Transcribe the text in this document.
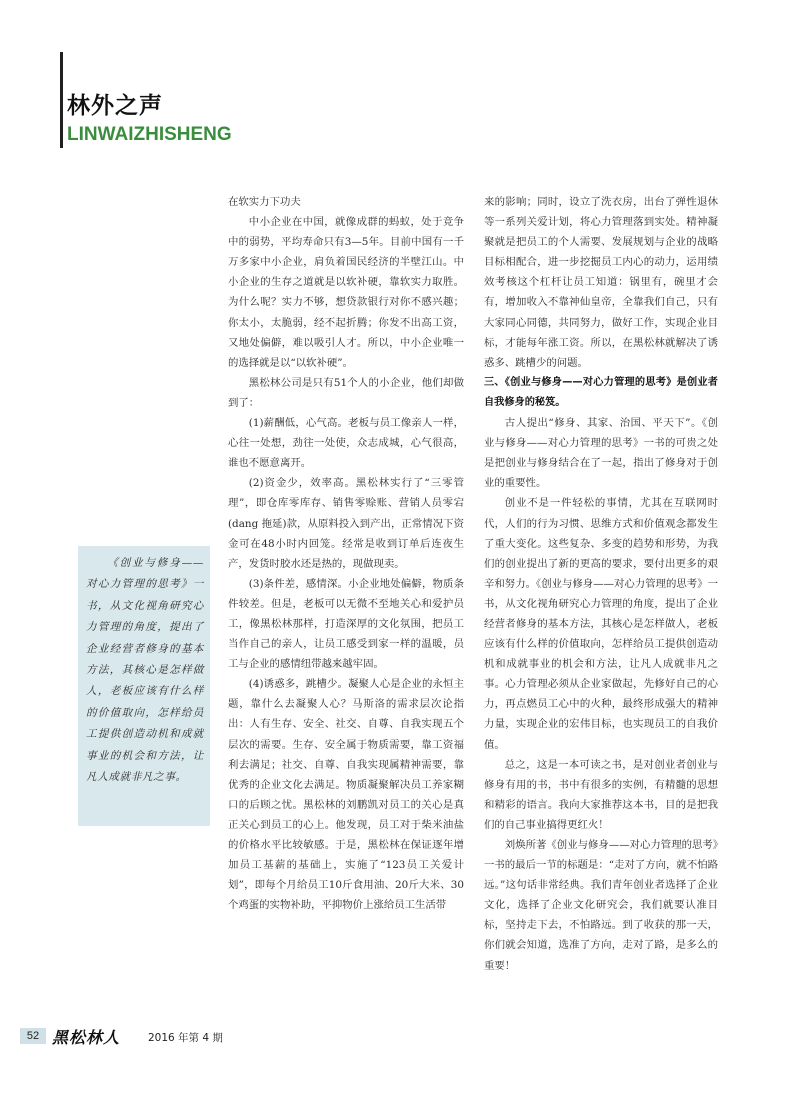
林外之声
LINWAIZHISHENG

《创业与修身——对心力管理的思考》一书，从文化视角研究心力管理的角度，提出了企业经营者修身的基本方法，其核心是怎样做人，老板应该有什么样的价值取向，怎样给员工提供创造动机和成就事业的机会和方法，让凡人成就非凡之事。

在软实力下功夫

中小企业在中国，就像成群的蚂蚁，处于竞争中的弱势，平均寿命只有3—5年。目前中国有一千万多家中小企业，肩负着国民经济的半壁江山。中小企业的生存之道就是以软补硬，靠软实力取胜。为什么呢？实力不够，想贷款银行对你不感兴趣；你太小，太脆弱，经不起折腾；你发不出高工资，又地处偏僻，难以吸引人才。所以，中小企业唯一的选择就是以“以软补硬”。

黑松林公司是只有51个人的小企业，他们却做到了：

(1)薪酬低，心气高。老板与员工像亲人一样，心往一处想，劲往一处使，众志成城，心气很高，谁也不愿意离开。

(2)资金少，效率高。黑松林实行了“三零管理”，即仓库零库存、销售零赊账、营销人员零宕(dang 拖延)款，从原料投入到产出，正常情况下资金可在48小时内回笼。经常是收到订单后连夜生产，发货时胶水还是热的，现做现卖。

(3)条件差，感情深。小企业地处偏僻，物质条件较差。但是，老板可以无微不至地关心和爱护员工，像黑松林那样，打造深厚的文化氛围，把员工当作自己的亲人，让员工感受到家一样的温暖，员工与企业的感情纽带越来越牢固。

(4)诱惑多，跳槽少。凝聚人心是企业的永恒主题，靠什么去凝聚人心？马斯洛的需求层次论指出：人有生存、安全、社交、自尊、自我实现五个层次的需要。生存、安全属于物质需要，靠工资福利去满足；社交、自尊、自我实现属精神需要，靠优秀的企业文化去满足。物质凝聚解决员工养家糊口的后顾之忧。黑松林的刘鹏凯对员工的关心是真正关心到员工的心上。他发现，员工对于柴米油盐的价格水平比较敏感。于是，黑松林在保证逐年增加员工基薪的基础上，实施了“123员工关爱计划”，即每个月给员工10斤食用油、20斤大米、30个鸡蛋的实物补助，平抑物价上涨给员工生活带

来的影响；同时，设立了洗衣房，出台了弹性退休等一系列关爱计划，将心力管理落到实处。精神凝聚就是把员工的个人需要、发展规划与企业的战略目标相配合，进一步挖掘员工内心的动力，运用绩效考核这个杠杆让员工知道：锅里有，碗里才会有，增加收入不靠神仙皇帝，全靠我们自己，只有大家同心同德，共同努力，做好工作，实现企业目标，才能每年涨工资。所以，在黑松林就解决了诱惑多、跳槽少的问题。

三、《创业与修身——对心力管理的思考》是创业者自我修身的秘笈。

古人提出“修身、其家、治国、平天下”。《创业与修身——对心力管理的思考》一书的可贵之处是把创业与修身结合在了一起，指出了修身对于创业的重要性。

创业不是一件轻松的事情，尤其在互联网时代，人们的行为习惯、思维方式和价值观念都发生了重大变化。这些复杂、多变的趋势和形势，为我们的创业提出了新的更高的要求，要付出更多的艰辛和努力。《创业与修身——对心力管理的思考》一书，从文化视角研究心力管理的角度，提出了企业经营者修身的基本方法，其核心是怎样做人，老板应该有什么样的价值取向，怎样给员工提供创造动机和成就事业的机会和方法，让凡人成就非凡之事。心力管理必须从企业家做起，先修好自己的心力，再点燃员工心中的火种，最终形成强大的精神力量，实现企业的宏伟目标，也实现员工的自我价值。

总之，这是一本可读之书，是对创业者创业与修身有用的书，书中有很多的实例，有精髓的思想和精彩的语言。我向大家推荐这本书，目的是把我们的自己事业搞得更红火！

刘焕所著《创业与修身——对心力管理的思考》一书的最后一节的标题是：“走对了方向，就不怕路远。”这句话非常经典。我们青年创业者选择了企业文化，选择了企业文化研究会，我们就要认准目标，坚持走下去，不怕路远。到了收获的那一天，你们就会知道，选准了方向，走对了路，是多么的重要！

52 黑松林人	2016 年第 4 期
